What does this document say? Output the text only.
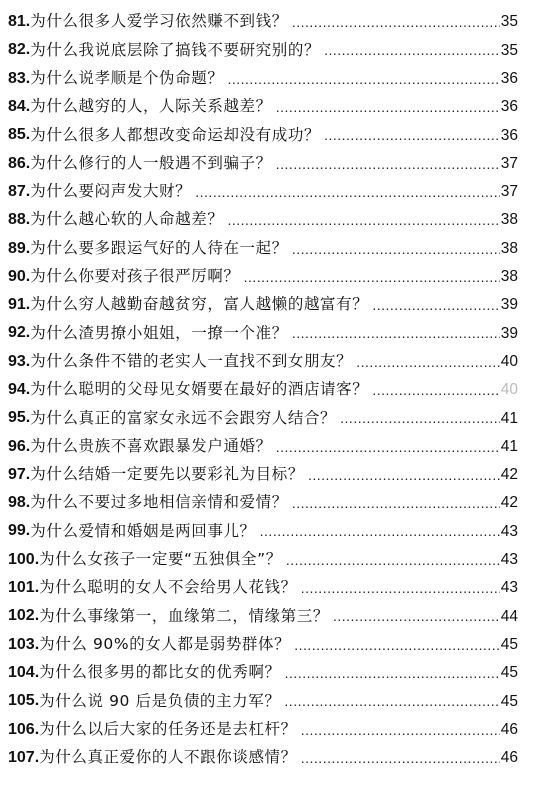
81. 为什么很多人爱学习依然赚不到钱？ .....	35
82. 为什么我说底层除了搞钱不要研究别的？ .....	35
83. 为什么说孝顺是个伪命题？ .....	36
84. 为什么越穷的人，人际关系越差？ .....	36
85. 为什么很多人都想改变命运却没有成功？ .....	36
86. 为什么修行的人一般遇不到骗子？ .....	37
87. 为什么要闷声发大财？ .....	37
88. 为什么越心软的人命越差？ .....	38
89. 为什么要多跟运气好的人待在一起？ .....	38
90. 为什么你要对孩子很严厉啊？ .....	38
91. 为什么穷人越勤奋越贫穷，富人越懒的越富有？ .....	39
92. 为什么渣男撩小姐姐，一撩一个准？ .....	39
93. 为什么条件不错的老实人一直找不到女朋友？ .....	40
94. 为什么聪明的父母见女婿要在最好的酒店请客？ .....	40
95. 为什么真正的富家女永远不会跟穷人结合？ .....	41
96. 为什么贵族不喜欢跟暴发户通婚？ .....	41
97. 为什么结婚一定要先以要彩礼为目标？ .....	42
98. 为什么不要过多地相信亲情和爱情？ .....	42
99. 为什么爱情和婚姻是两回事儿？ .....	43
100. 为什么女孩子一定要“五独俱全”？ .....	43
101. 为什么聪明的女人不会给男人花钱？ .....	43
102. 为什么事缘第一，血缘第二，情缘第三？ .....	44
103. 为什么 90%的女人都是弱势群体？ .....	45
104. 为什么很多男的都比女的优秀啊？ .....	45
105. 为什么说 90 后是负债的主力军？ .....	45
106. 为什么以后大家的任务还是去杠杆？ .....	46
107. 为什么真正爱你的人不跟你谈感情？ .....	46
